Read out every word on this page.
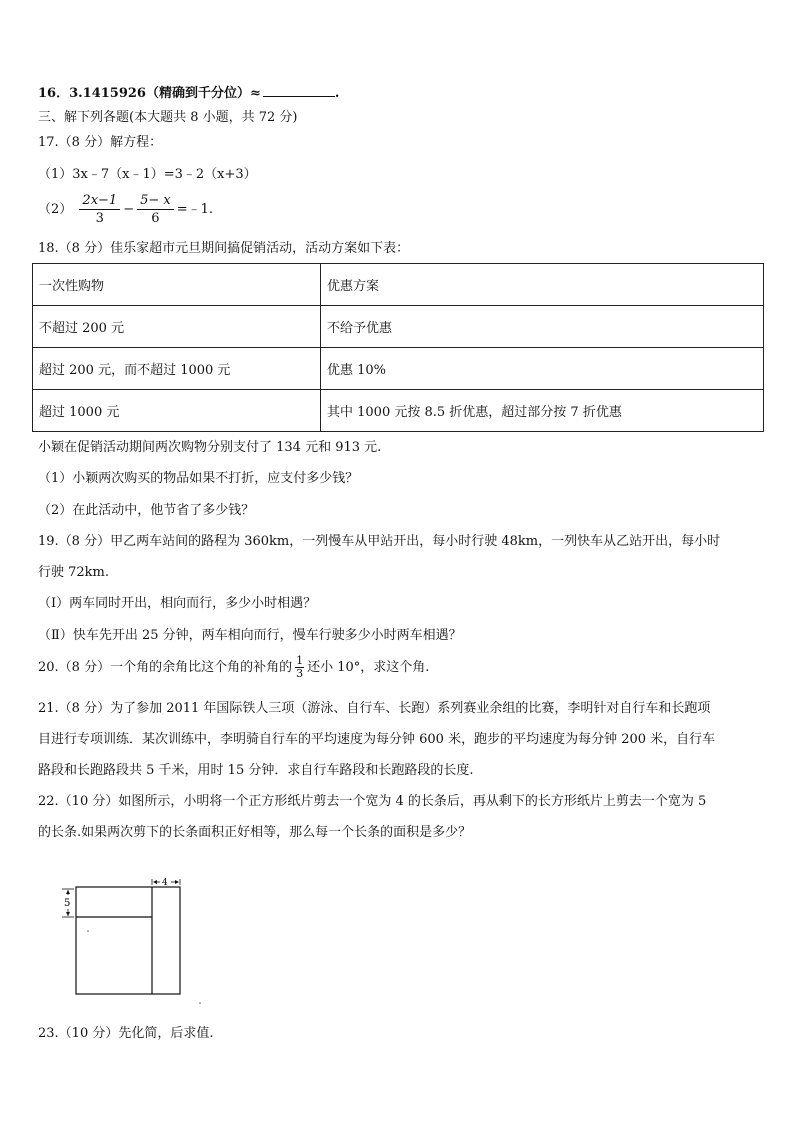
16．3.1415926（精确到千分位）≈	.
三、解下列各题(本大题共 8 小题，共 72 分)
17.（8 分）解方程：
（1）3x﹣7（x﹣1）=3﹣2（x+3）
$(2) \frac{2x-1}{3} - \frac{5- x}{6}$ =﹣1.
18.（8 分）佳乐家超市元旦期间搞促销活动，活动方案如下表：
一次性购物	优惠方案
不超过 200 元	不给予优惠
超过 200 元，而不超过 1000 元	优惠 10%
超过 1000 元	其中 1000 元按 8.5 折优惠，超过部分按 7 折优惠
小颖在促销活动期间两次购物分别支付了 134 元和 913 元.
（1）小颖两次购买的物品如果不打折，应支付多少钱？
（2）在此活动中，他节省了多少钱？
19.（8 分）甲乙两车站间的路程为 360km，一列慢车从甲站开出，每小时行驶 48km，一列快车从乙站开出，每小时
行驶 72km.
（Ⅰ）两车同时开出，相向而行，多少小时相遇？
（Ⅱ）快车先开出 25 分钟，两车相向而行，慢车行驶多少小时两车相遇？
20.（8 分）一个角的余角比这个角的补角的 $\frac{1}{3}$ 还小 10°，求这个角.
21.（8 分）为了参加 2011 年国际铁人三项（游泳、自行车、长跑）系列赛业余组的比赛，李明针对自行车和长跑项
目进行专项训练．某次训练中，李明骑自行车的平均速度为每分钟 600 米，跑步的平均速度为每分钟 200 米，自行车
路段和长跑路段共 5 千米，用时 15 分钟．求自行车路段和长跑路段的长度.
22.（10 分）如图所示，小明将一个正方形纸片剪去一个宽为 4 的长条后，再从剩下的长方形纸片上剪去一个宽为 5
的长条.如果两次剪下的长条面积正好相等，那么每一个长条的面积是多少？
4
5
23.（10 分）先化简，后求值.
